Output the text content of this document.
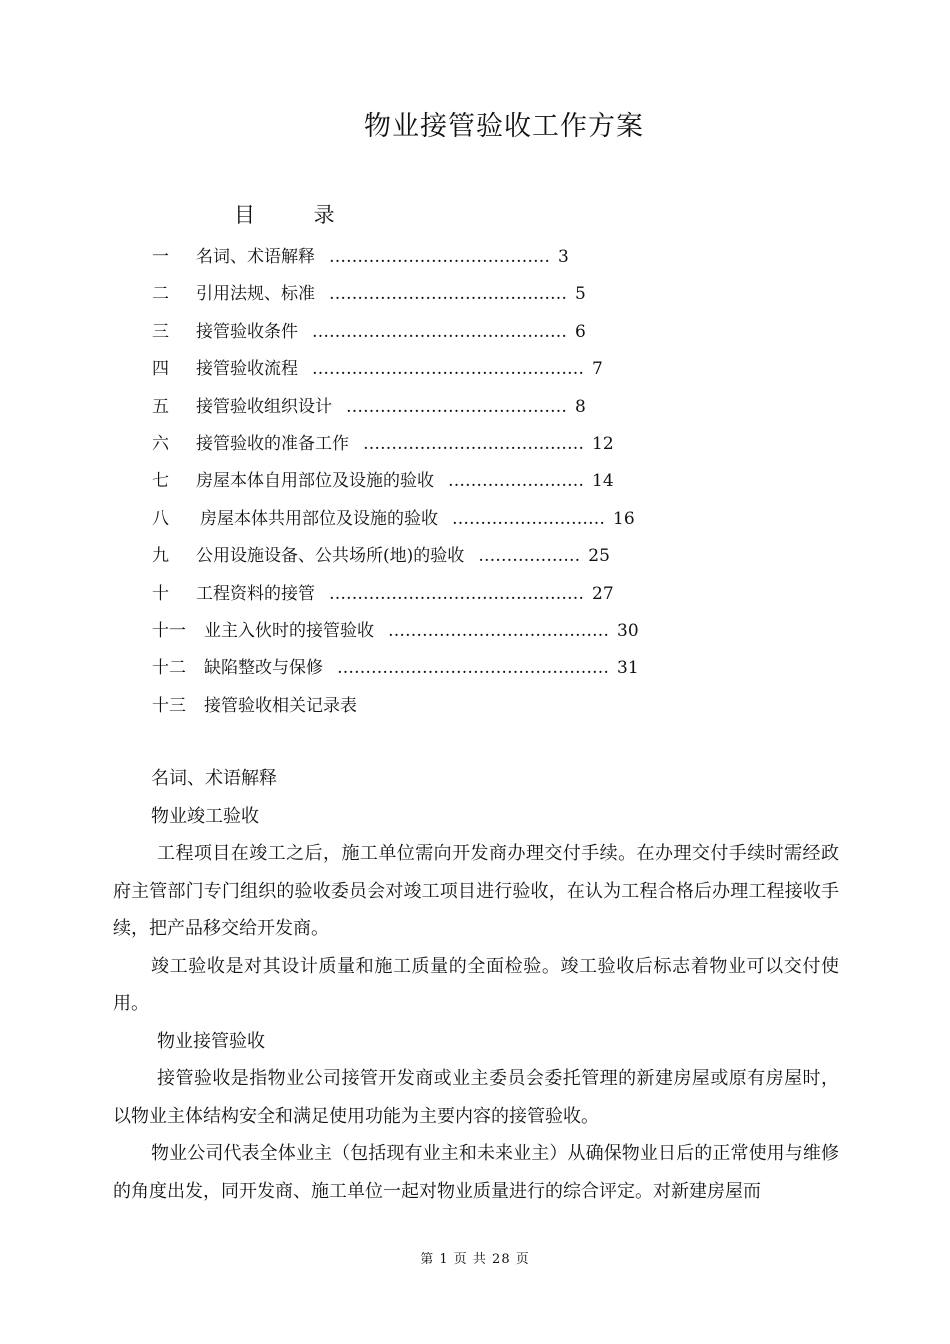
物业接管验收工作方案
目 录
一 名词、术语解释 ………………………………… 3
二 引用法规、标准 …………………………………… 5
三 接管验收条件 ……………………………………… 6
四 接管验收流程 ………………………………………… 7
五 接管验收组织设计 ………………………………… 8
六 接管验收的准备工作 ………………………………… 12
七 房屋本体自用部位及设施的验收 …………………… 14
八 房屋本体共用部位及设施的验收 ……………………… 16
九 公用设施设备、公共场所(地)的验收 ……………… 25
十 工程资料的接管 ……………………………………… 27
十一 业主入伙时的接管验收 ………………………………… 30
十二 缺陷整改与保修 ………………………………………… 31
十三 接管验收相关记录表
名词、术语解释
物业竣工验收
工程项目在竣工之后，施工单位需向开发商办理交付手续。在办理交付手续时需经政府主管部门专门组织的验收委员会对竣工项目进行验收，在认为工程合格后办理工程接收手续，把产品移交给开发商。
竣工验收是对其设计质量和施工质量的全面检验。竣工验收后标志着物业可以交付使用。
物业接管验收
接管验收是指物业公司接管开发商或业主委员会委托管理的新建房屋或原有房屋时，以物业主体结构安全和满足使用功能为主要内容的接管验收。
物业公司代表全体业主（包括现有业主和未来业主）从确保物业日后的正常使用与维修的角度出发，同开发商、施工单位一起对物业质量进行的综合评定。对新建房屋而
第 1 页 共 28 页
